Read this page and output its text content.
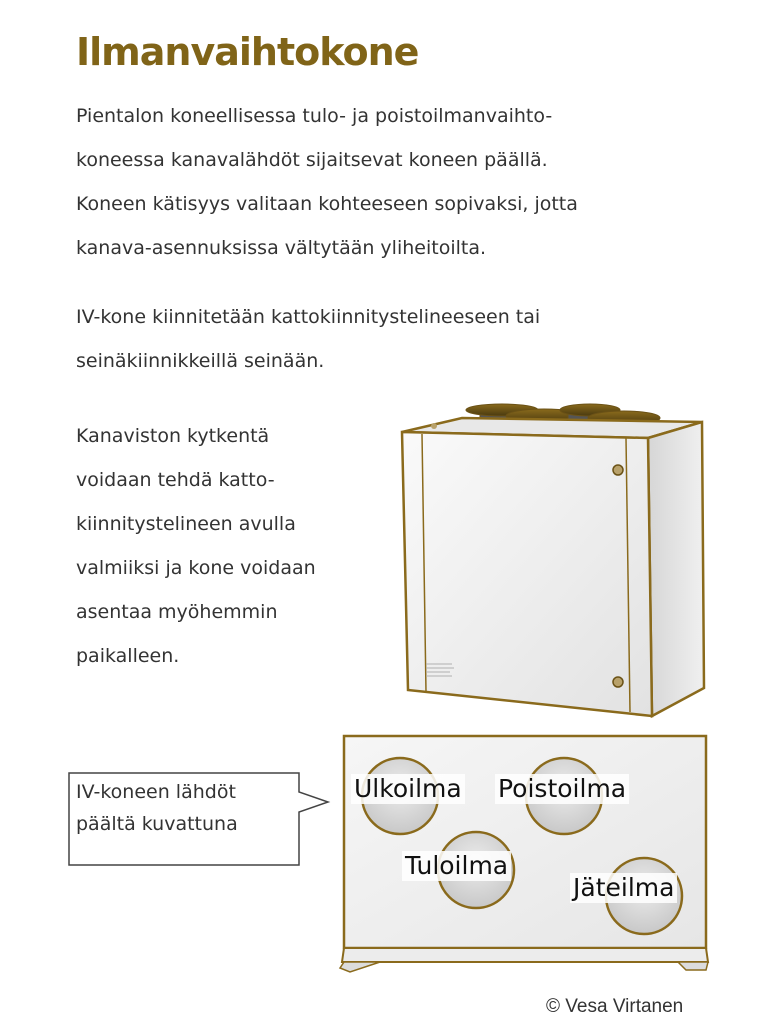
Ilmanvaihtokone
Pientalon koneellisessa tulo- ja poistoilmanvaihto-
koneessa kanavalähdöt sijaitsevat koneen päällä.
Koneen kätisyys valitaan kohteeseen sopivaksi, jotta
kanava-asennuksissa vältytään yliheitoilta.
IV-kone kiinnitetään kattokiinnitystelineeseen tai
seinäkiinnikkeillä seinään.
Kanaviston kytkentä
voidaan tehdä katto-
kiinnitystelineen avulla
valmiiksi ja kone voidaan
asentaa myöhemmin
paikalleen.
IV-koneen lähdöt
päältä kuvattuna
Ulkoilma Poistoilma
Tuloilma
Jäteilma

© Vesa Virtanen
